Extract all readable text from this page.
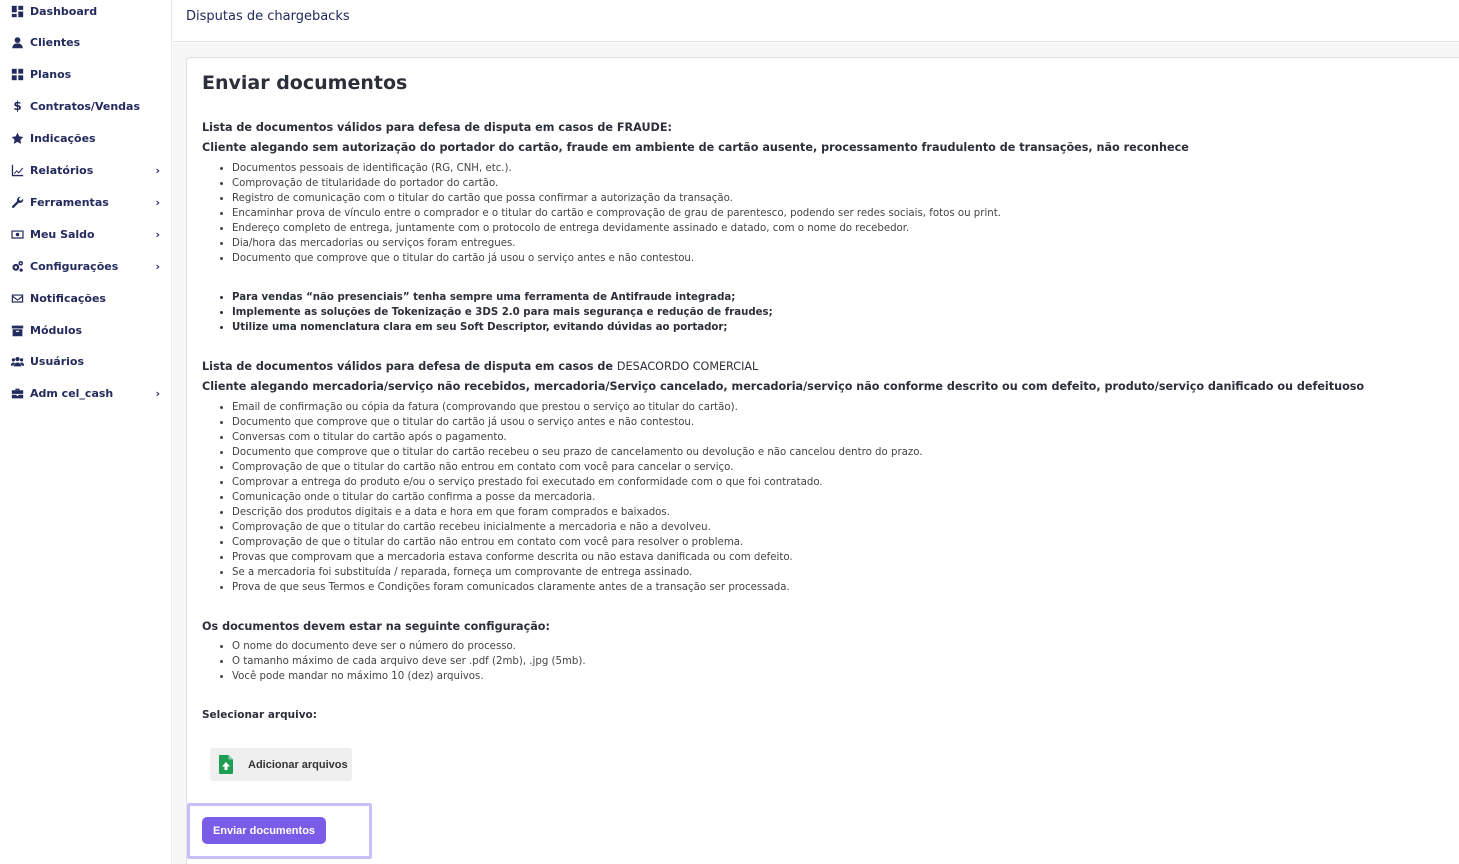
Dashboard
Clientes
Planos
$ Contratos/Vendas
Indicações
Relatórios	›
Ferramentas	›
Meu Saldo	›
Configurações	›
Notificações
Módulos
Usuários
Adm cel_cash	›
Disputas de chargebacks
Enviar documentos
Lista de documentos válidos para defesa de disputa em casos de FRAUDE:
Cliente alegando sem autorização do portador do cartão, fraude em ambiente de cartão ausente, processamento fraudulento de transações, não reconhece
• Documentos pessoais de identificação (RG, CNH, etc.).
• Comprovação de titularidade do portador do cartão.
• Registro de comunicação com o titular do cartão que possa confirmar a autorização da transação.
• Encaminhar prova de vínculo entre o comprador e o titular do cartão e comprovação de grau de parentesco, podendo ser redes sociais, fotos ou print.
• Endereço completo de entrega, juntamente com o protocolo de entrega devidamente assinado e datado, com o nome do recebedor.
• Dia/hora das mercadorias ou serviços foram entregues.
• Documento que comprove que o titular do cartão já usou o serviço antes e não contestou.
• Para vendas “não presenciais” tenha sempre uma ferramenta de Antifraude integrada;
• Implemente as soluções de Tokenização e 3DS 2.0 para mais segurança e redução de fraudes;
• Utilize uma nomenclatura clara em seu Soft Descriptor, evitando dúvidas ao portador;
Lista de documentos válidos para defesa de disputa em casos de DESACORDO COMERCIAL
Cliente alegando mercadoria/serviço não recebidos, mercadoria/Serviço cancelado, mercadoria/serviço não conforme descrito ou com defeito, produto/serviço danificado ou defeituoso
• Email de confirmação ou cópia da fatura (comprovando que prestou o serviço ao titular do cartão).
• Documento que comprove que o titular do cartão já usou o serviço antes e não contestou.
• Conversas com o titular do cartão após o pagamento.
• Documento que comprove que o titular do cartão recebeu o seu prazo de cancelamento ou devolução e não cancelou dentro do prazo.
• Comprovação de que o titular do cartão não entrou em contato com você para cancelar o serviço.
• Comprovar a entrega do produto e/ou o serviço prestado foi executado em conformidade com o que foi contratado.
• Comunicação onde o titular do cartão confirma a posse da mercadoria.
• Descrição dos produtos digitais e a data e hora em que foram comprados e baixados.
• Comprovação de que o titular do cartão recebeu inicialmente a mercadoria e não a devolveu.
• Comprovação de que o titular do cartão não entrou em contato com você para resolver o problema.
• Provas que comprovam que a mercadoria estava conforme descrita ou não estava danificada ou com defeito.
• Se a mercadoria foi substituída / reparada, forneça um comprovante de entrega assinado.
• Prova de que seus Termos e Condições foram comunicados claramente antes de a transação ser processada.
Os documentos devem estar na seguinte configuração:
• O nome do documento deve ser o número do processo.
• O tamanho máximo de cada arquivo deve ser .pdf (2mb), .jpg (5mb).
• Você pode mandar no máximo 10 (dez) arquivos.
Selecionar arquivo:
Adicionar arquivos
Enviar documentos
